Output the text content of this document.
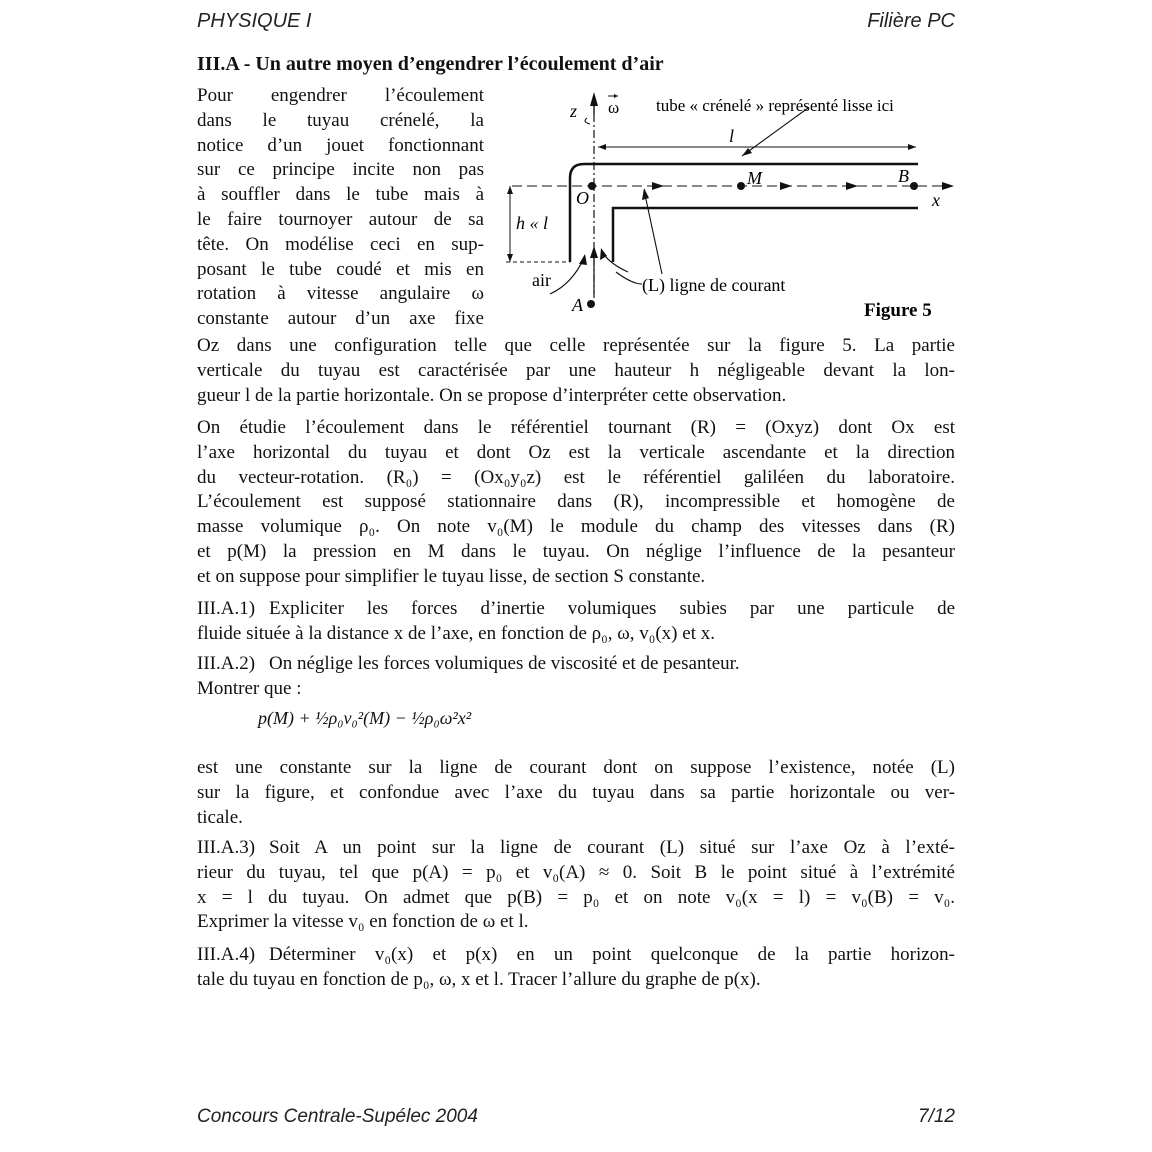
PHYSIQUE I	Filière PC
III.A - Un autre moyen d’engendrer l’écoulement d’air
Pour engendrer l’écoulement
dans le tuyau crénelé, la
notice d’un jouet fonctionnant
sur ce principe incite non pas
à souffler dans le tube mais à
le faire tournoyer autour de sa
tête. On modélise ceci en sup-
posant le tube coudé et mis en
rotation à vitesse angulaire ω
constante autour d’un axe fixe
z ω tube « crénelé » représenté lisse ici
l
x
O
M	B
A
h « l
air	(L) ligne de courant
Figure 5
Oz dans une configuration telle que celle représentée sur la figure 5. La partie
verticale du tuyau est caractérisée par une hauteur h négligeable devant la lon-
gueur l de la partie horizontale. On se propose d’interpréter cette observation.
On étudie l’écoulement dans le référentiel tournant (R) = (Oxyz) dont Ox est
l’axe horizontal du tuyau et dont Oz est la verticale ascendante et la direction
du vecteur-rotation. (R₀) = (Ox₀y₀z) est le référentiel galiléen du laboratoire.
L’écoulement est supposé stationnaire dans (R), incompressible et homogène de
masse volumique ρ₀. On note v₀(M) le module du champ des vitesses dans (R)
et p(M) la pression en M dans le tuyau. On néglige l’influence de la pesanteur
et on suppose pour simplifier le tuyau lisse, de section S constante.
III.A.1) Expliciter les forces d’inertie volumiques subies par une particule de
fluide située à la distance x de l’axe, en fonction de ρ₀, ω, v₀(x) et x.
III.A.2) On néglige les forces volumiques de viscosité et de pesanteur.
Montrer que :
p(M) + ½ρ₀v₀²(M) − ½ρ₀ω²x²
est une constante sur la ligne de courant dont on suppose l’existence, notée (L)
sur la figure, et confondue avec l’axe du tuyau dans sa partie horizontale ou ver-
ticale.
III.A.3) Soit A un point sur la ligne de courant (L) situé sur l’axe Oz à l’exté-
rieur du tuyau, tel que p(A) = p₀ et v₀(A) ≈ 0. Soit B le point situé à l’extrémité
x = l du tuyau. On admet que p(B) = p₀ et on note v₀(x = l) = v₀(B) = v₀.
Exprimer la vitesse v₀ en fonction de ω et l.
III.A.4) Déterminer v₀(x) et p(x) en un point quelconque de la partie horizon-
tale du tuyau en fonction de p₀, ω, x et l. Tracer l’allure du graphe de p(x).
Concours Centrale-Supélec 2004	7/12
